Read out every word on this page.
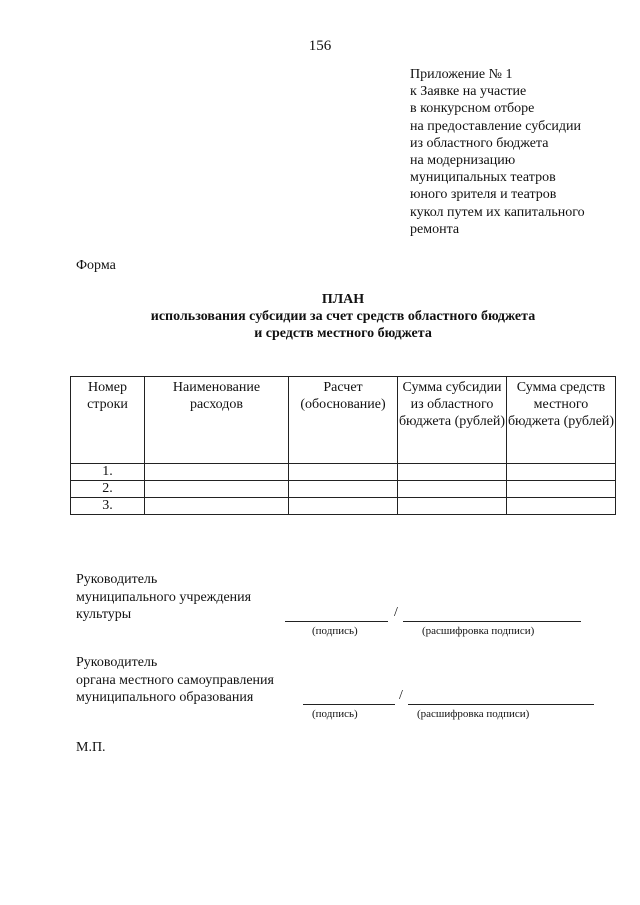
156
Приложение № 1
к Заявке на участие
в конкурсном отборе
на предоставление субсидии
из областного бюджета
на модернизацию
муниципальных театров
юного зрителя и театров
кукол путем их капитального
ремонта
Форма
ПЛАН
использования субсидии за счет средств областного бюджета
и средств местного бюджета
Номер строки	Наименование расходов	Расчет (обоснование)	Сумма субсидии из областного бюджета (рублей)	Сумма средств местного бюджета (рублей)
1.				
2.				
3.				
Руководитель
муниципального учреждения
культуры	/
(подпись)	(расшифровка подписи)
Руководитель
органа местного самоуправления
муниципального образования	/
(подпись)	(расшифровка подписи)
М.П.
